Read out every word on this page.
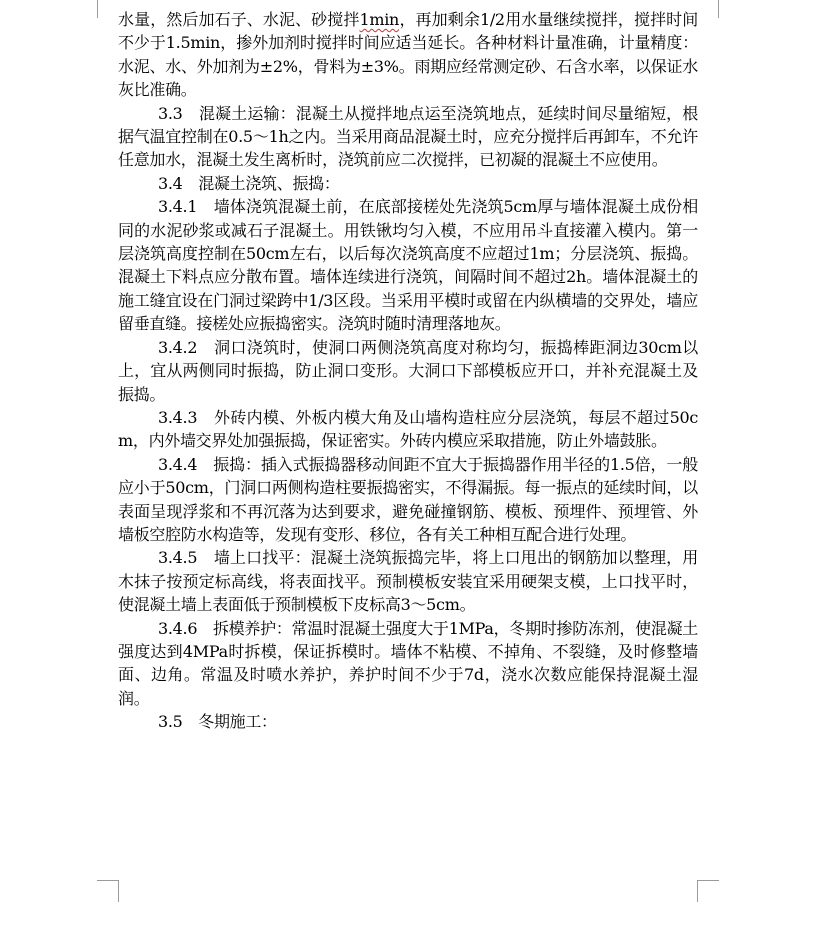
水量，然后加石子、水泥、砂搅拌1min，再加剩余1/2用水量继续搅拌，搅拌时间不少于1.5min，掺外加剂时搅拌时间应适当延长。各种材料计量准确，计量精度：水泥、水、外加剂为±2%，骨料为±3%。雨期应经常测定砂、石含水率，以保证水灰比准确。

3.3　混凝土运输：混凝土从搅拌地点运至浇筑地点，延续时间尽量缩短，根据气温宜控制在0.5～1h之内。当采用商品混凝土时，应充分搅拌后再卸车，不允许任意加水，混凝土发生离析时，浇筑前应二次搅拌，已初凝的混凝土不应使用。

3.4　混凝土浇筑、振捣：

3.4.1　墙体浇筑混凝土前，在底部接槎处先浇筑5cm厚与墙体混凝土成份相同的水泥砂浆或减石子混凝土。用铁锹均匀入模，不应用吊斗直接灌入模内。第一层浇筑高度控制在50cm左右，以后每次浇筑高度不应超过1m；分层浇筑、振捣。混凝土下料点应分散布置。墙体连续进行浇筑，间隔时间不超过2h。墙体混凝土的施工缝宜设在门洞过梁跨中1/3区段。当采用平模时或留在内纵横墙的交界处，墙应留垂直缝。接槎处应振捣密实。浇筑时随时清理落地灰。

3.4.2　洞口浇筑时，使洞口两侧浇筑高度对称均匀，振捣棒距洞边30cm以上，宜从两侧同时振捣，防止洞口变形。大洞口下部模板应开口，并补充混凝土及振捣。

3.4.3　外砖内模、外板内模大角及山墙构造柱应分层浇筑，每层不超过50cm，内外墙交界处加强振捣，保证密实。外砖内模应采取措施，防止外墙鼓胀。

3.4.4　振捣：插入式振捣器移动间距不宜大于振捣器作用半径的1.5倍，一般应小于50cm，门洞口两侧构造柱要振捣密实，不得漏振。每一振点的延续时间，以表面呈现浮浆和不再沉落为达到要求，避免碰撞钢筋、模板、预埋件、预埋管、外墙板空腔防水构造等，发现有变形、移位，各有关工种相互配合进行处理。

3.4.5　墙上口找平：混凝土浇筑振捣完毕，将上口甩出的钢筋加以整理，用木抹子按预定标高线，将表面找平。预制模板安装宜采用硬架支模，上口找平时，使混凝土墙上表面低于预制模板下皮标高3～5cm。

3.4.6　拆模养护：常温时混凝土强度大于1MPa，冬期时掺防冻剂，使混凝土强度达到4MPa时拆模，保证拆模时。墙体不粘模、不掉角、不裂缝，及时修整墙面、边角。常温及时喷水养护，养护时间不少于7d，浇水次数应能保持混凝土湿润。

3.5　冬期施工：
